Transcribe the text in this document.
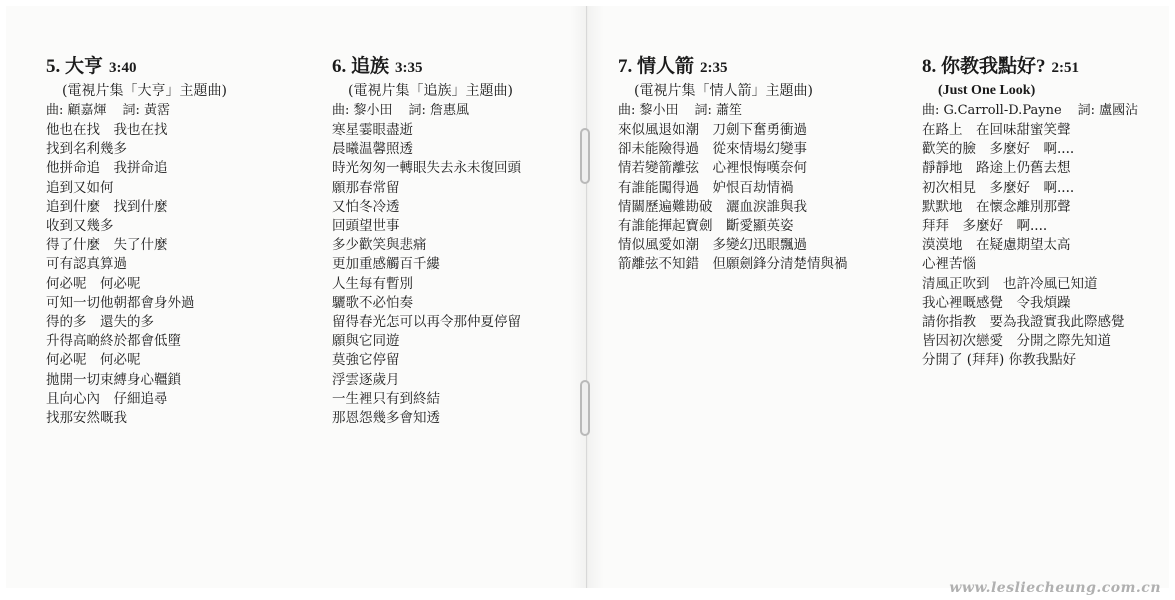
5. 大亨 3:40
(電視片集「大亨」主題曲)
曲: 顧嘉煇 詞: 黃霑
他也在找　我也在找
找到名利幾多
他拼命追　我拼命追
追到又如何
追到什麼　找到什麼
收到又幾多
得了什麼　失了什麼
可有認真算過
何必呢　何必呢
可知一切他朝都會身外過
得的多　還失的多
升得高啲終於都會低墮
何必呢　何必呢
拋開一切束縛身心韁鎖
且向心內　仔細追尋
找那安然嘅我
6. 追族 3:35
(電視片集「追族」主題曲)
曲: 黎小田 詞: 詹惠風
寒星霎眼盡逝
晨曦温馨照透
時光匆匆一轉眼失去永未復回頭
願那春常留
又怕冬冷透
回頭望世事
多少歡笑與悲痛
更加重感觸百千縷
人生每有暫別
驪歌不必怕奏
留得春光怎可以再令那仲夏停留
願與它同遊
莫強它停留
浮雲逐歲月
一生裡只有到終結
那恩怨幾多會知透
7. 情人箭 2:35
(電視片集「情人箭」主題曲)
曲: 黎小田 詞: 蕭笙
來似風退如潮　刀劍下奮勇衝過
卻未能險得過　從來情場幻變事
情若變箭離弦　心裡恨悔嘆奈何
有誰能闖得過　妒恨百劫情禍
情關歷遍難勘破　灑血淚誰與我
有誰能揮起寶劍　斷愛顯英姿
情似風愛如潮　多變幻迅眼飄過
箭離弦不知錯　但願劍鋒分清楚情與禍
8. 你教我點好? 2:51
(Just One Look)
曲: G.Carroll-D.Payne 詞: 盧國沾
在路上　在回味甜蜜笑聲
歡笑的臉　多麼好　啊....
靜靜地　路途上仍舊去想
初次相見　多麼好　啊....
默默地　在懷念離別那聲
拜拜　多麼好　啊....
漠漠地　在疑慮期望太高
心裡苦惱
清風正吹到　也許冷風已知道
我心裡嘅感覺　令我煩躁
請你指教　要為我證實我此際感覺
皆因初次戀愛　分開之際先知道
分開了 (拜拜) 你教我點好
www.lesliecheung.com.cn
